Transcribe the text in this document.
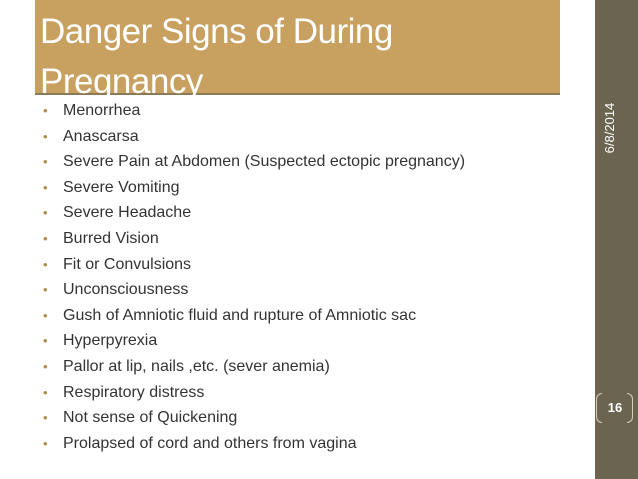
Danger Signs of During Pregnancy
6/8/2014
16
• Menorrhea
• Anascarsa
• Severe Pain at Abdomen (Suspected ectopic pregnancy)
• Severe Vomiting
• Severe Headache
• Burred Vision
• Fit or Convulsions
• Unconsciousness
• Gush of Amniotic fluid and rupture of Amniotic sac
• Hyperpyrexia
• Pallor at lip, nails ,etc. (sever anemia)
• Respiratory distress
• Not sense of Quickening
• Prolapsed of cord and others from vagina
